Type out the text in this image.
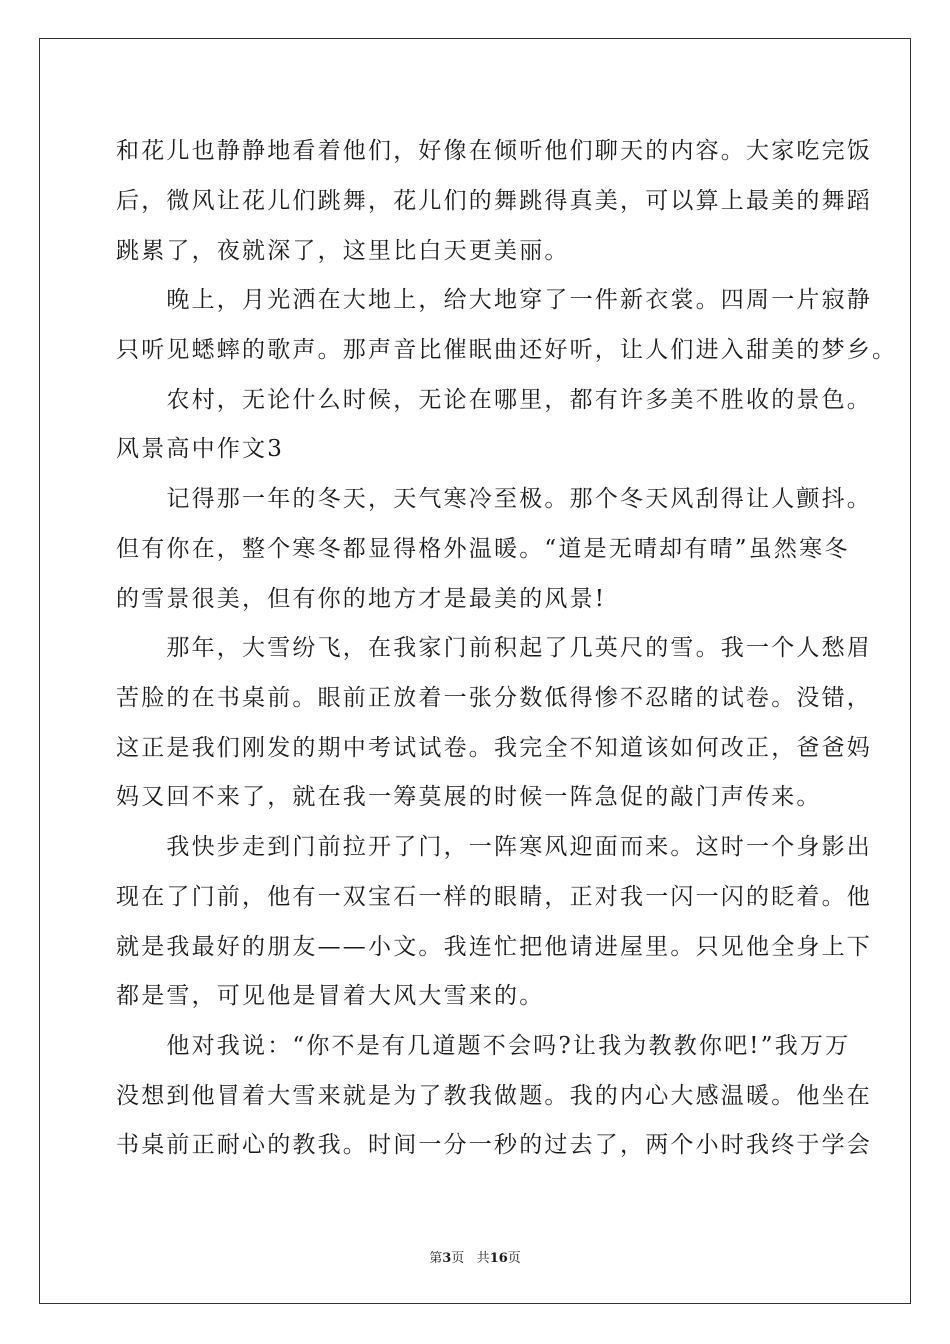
和花儿也静静地看着他们，好像在倾听他们聊天的内容。大家吃完饭
后，微风让花儿们跳舞，花儿们的舞跳得真美，可以算上最美的舞蹈
跳累了，夜就深了，这里比白天更美丽。
　　晚上，月光洒在大地上，给大地穿了一件新衣裳。四周一片寂静
只听见蟋蟀的歌声。那声音比催眠曲还好听，让人们进入甜美的梦乡。
　　农村，无论什么时候，无论在哪里，都有许多美不胜收的景色。
风景高中作文3
　　记得那一年的冬天，天气寒冷至极。那个冬天风刮得让人颤抖。
但有你在，整个寒冬都显得格外温暖。“道是无晴却有晴”虽然寒冬
的雪景很美，但有你的地方才是最美的风景!
　　那年，大雪纷飞，在我家门前积起了几英尺的雪。我一个人愁眉
苦脸的在书桌前。眼前正放着一张分数低得惨不忍睹的试卷。没错，
这正是我们刚发的期中考试试卷。我完全不知道该如何改正，爸爸妈
妈又回不来了，就在我一筹莫展的时候一阵急促的敲门声传来。
　　我快步走到门前拉开了门，一阵寒风迎面而来。这时一个身影出
现在了门前，他有一双宝石一样的眼睛，正对我一闪一闪的眨着。他
就是我最好的朋友——小文。我连忙把他请进屋里。只见他全身上下
都是雪，可见他是冒着大风大雪来的。
　　他对我说：“你不是有几道题不会吗?让我为教教你吧!”我万万
没想到他冒着大雪来就是为了教我做题。我的内心大感温暖。他坐在
书桌前正耐心的教我。时间一分一秒的过去了，两个小时我终于学会
第3页 共16页
